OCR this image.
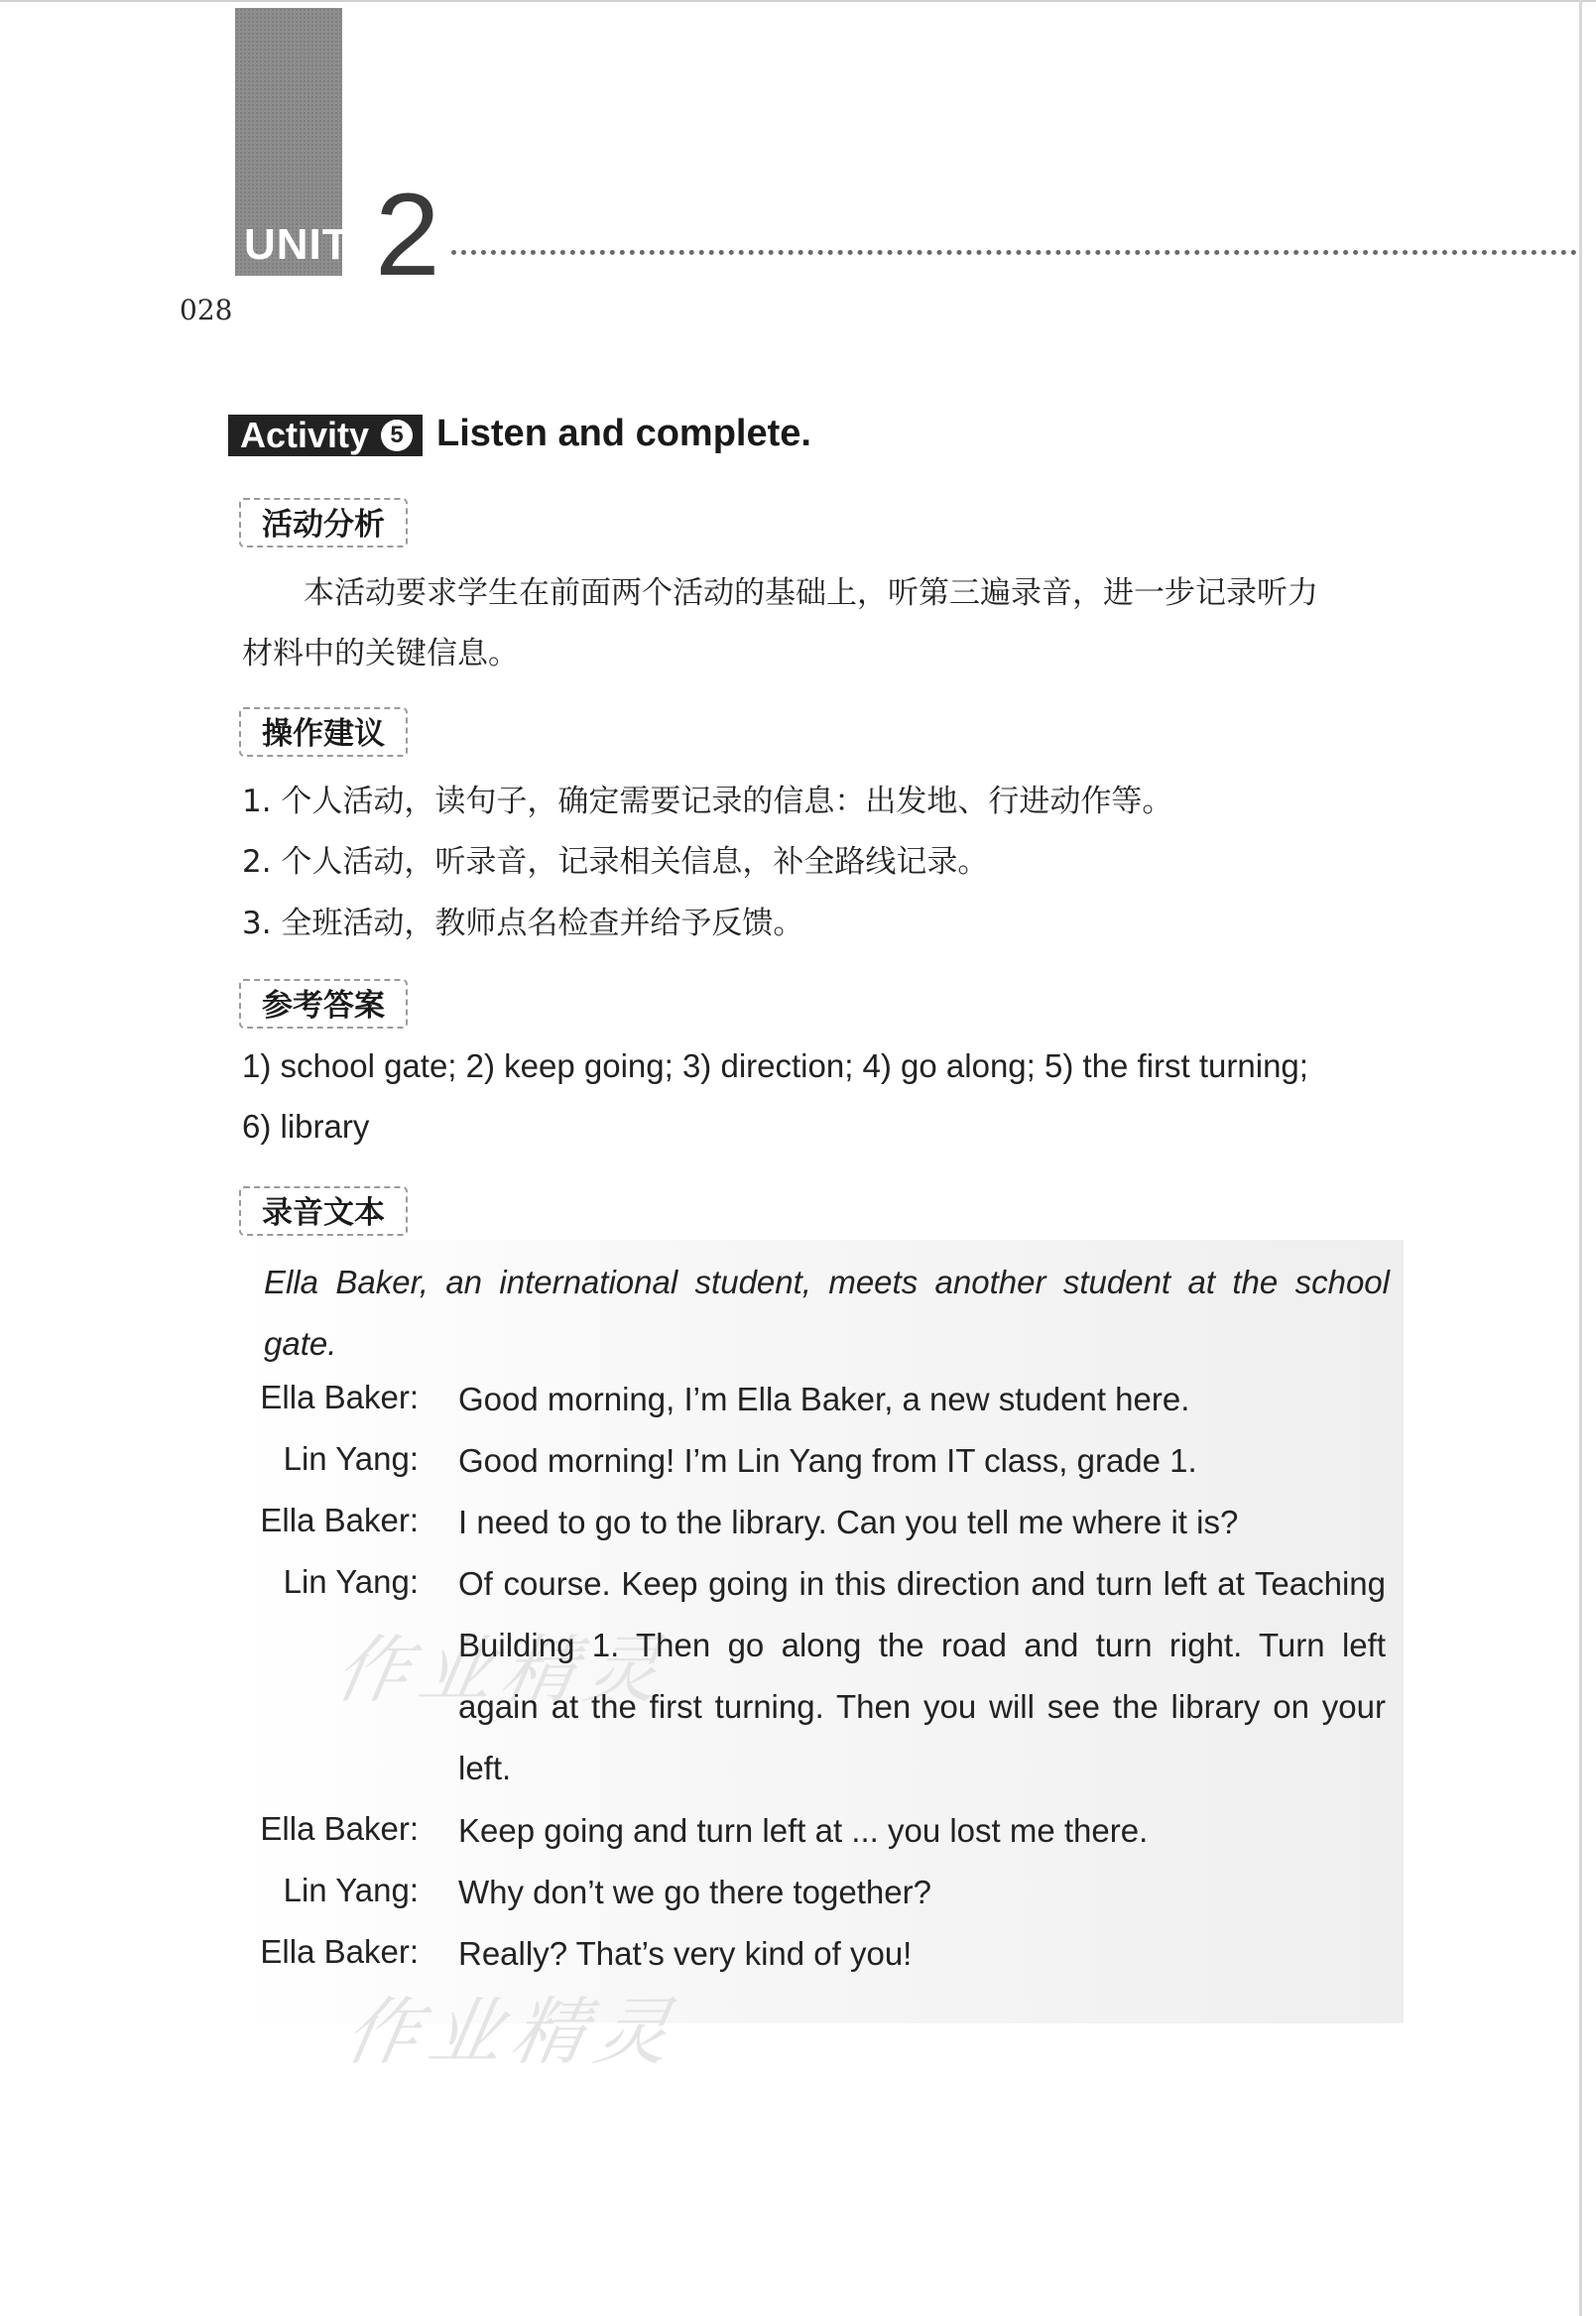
UNIT 2
028
作业精灵
作业精灵
Activity 5 Listen and complete.
活动分析
本活动要求学生在前面两个活动的基础上，听第三遍录音，进一步记录听力
材料中的关键信息。
操作建议
1. 个人活动，读句子，确定需要记录的信息：出发地、行进动作等。
2. 个人活动，听录音，记录相关信息，补全路线记录。
3. 全班活动，教师点名检查并给予反馈。
参考答案
1) school gate; 2) keep going; 3) direction; 4) go along; 5) the first turning;
6) library
录音文本
Ella Baker, an international student, meets another student at the school gate.
Ella Baker: Good morning, I’m Ella Baker, a new student here.
Lin Yang: Good morning! I’m Lin Yang from IT class, grade 1.
Ella Baker: I need to go to the library. Can you tell me where it is?
Lin Yang: Of course. Keep going in this direction and turn left at Teaching Building 1. Then go along the road and turn right. Turn left again at the first turning. Then you will see the library on your left.
Ella Baker: Keep going and turn left at ... you lost me there.
Lin Yang: Why don’t we go there together?
Ella Baker: Really? That’s very kind of you!
